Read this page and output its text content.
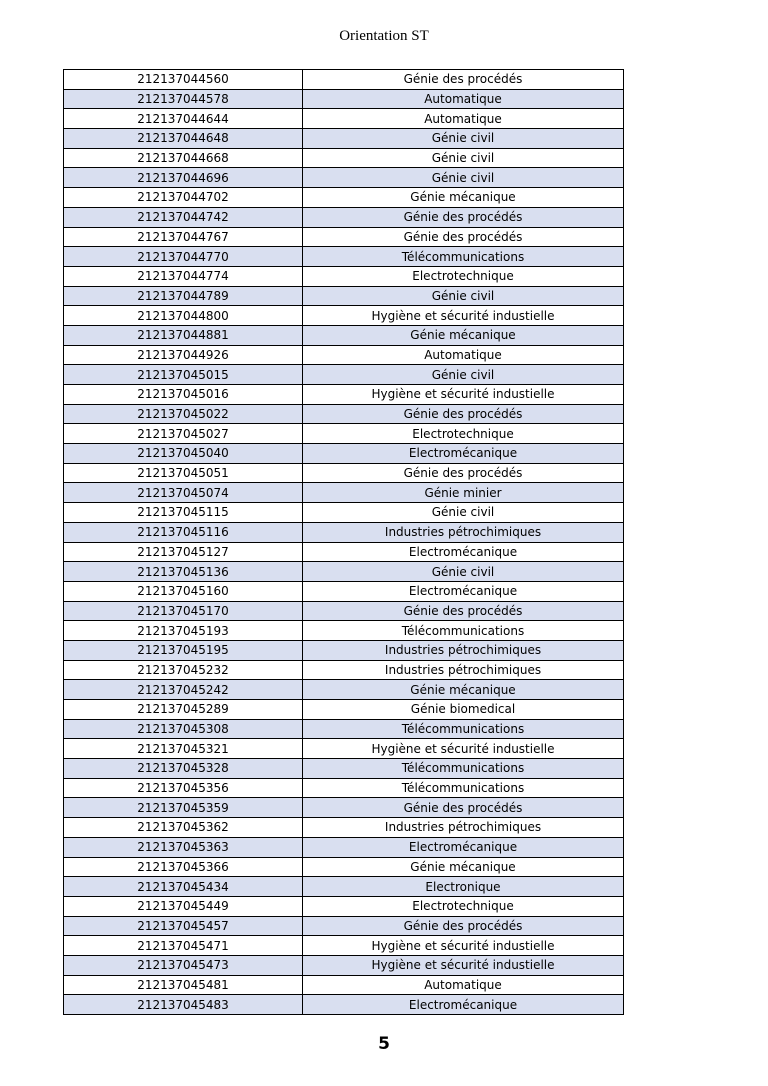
Orientation ST
212137044560	Génie des procédés
212137044578	Automatique
212137044644	Automatique
212137044648	Génie civil
212137044668	Génie civil
212137044696	Génie civil
212137044702	Génie mécanique
212137044742	Génie des procédés
212137044767	Génie des procédés
212137044770	Télécommunications
212137044774	Electrotechnique
212137044789	Génie civil
212137044800	Hygiène et sécurité industielle
212137044881	Génie mécanique
212137044926	Automatique
212137045015	Génie civil
212137045016	Hygiène et sécurité industielle
212137045022	Génie des procédés
212137045027	Electrotechnique
212137045040	Electromécanique
212137045051	Génie des procédés
212137045074	Génie minier
212137045115	Génie civil
212137045116	Industries pétrochimiques
212137045127	Electromécanique
212137045136	Génie civil
212137045160	Electromécanique
212137045170	Génie des procédés
212137045193	Télécommunications
212137045195	Industries pétrochimiques
212137045232	Industries pétrochimiques
212137045242	Génie mécanique
212137045289	Génie biomedical
212137045308	Télécommunications
212137045321	Hygiène et sécurité industielle
212137045328	Télécommunications
212137045356	Télécommunications
212137045359	Génie des procédés
212137045362	Industries pétrochimiques
212137045363	Electromécanique
212137045366	Génie mécanique
212137045434	Electronique
212137045449	Electrotechnique
212137045457	Génie des procédés
212137045471	Hygiène et sécurité industielle
212137045473	Hygiène et sécurité industielle
212137045481	Automatique
212137045483	Electromécanique
5
